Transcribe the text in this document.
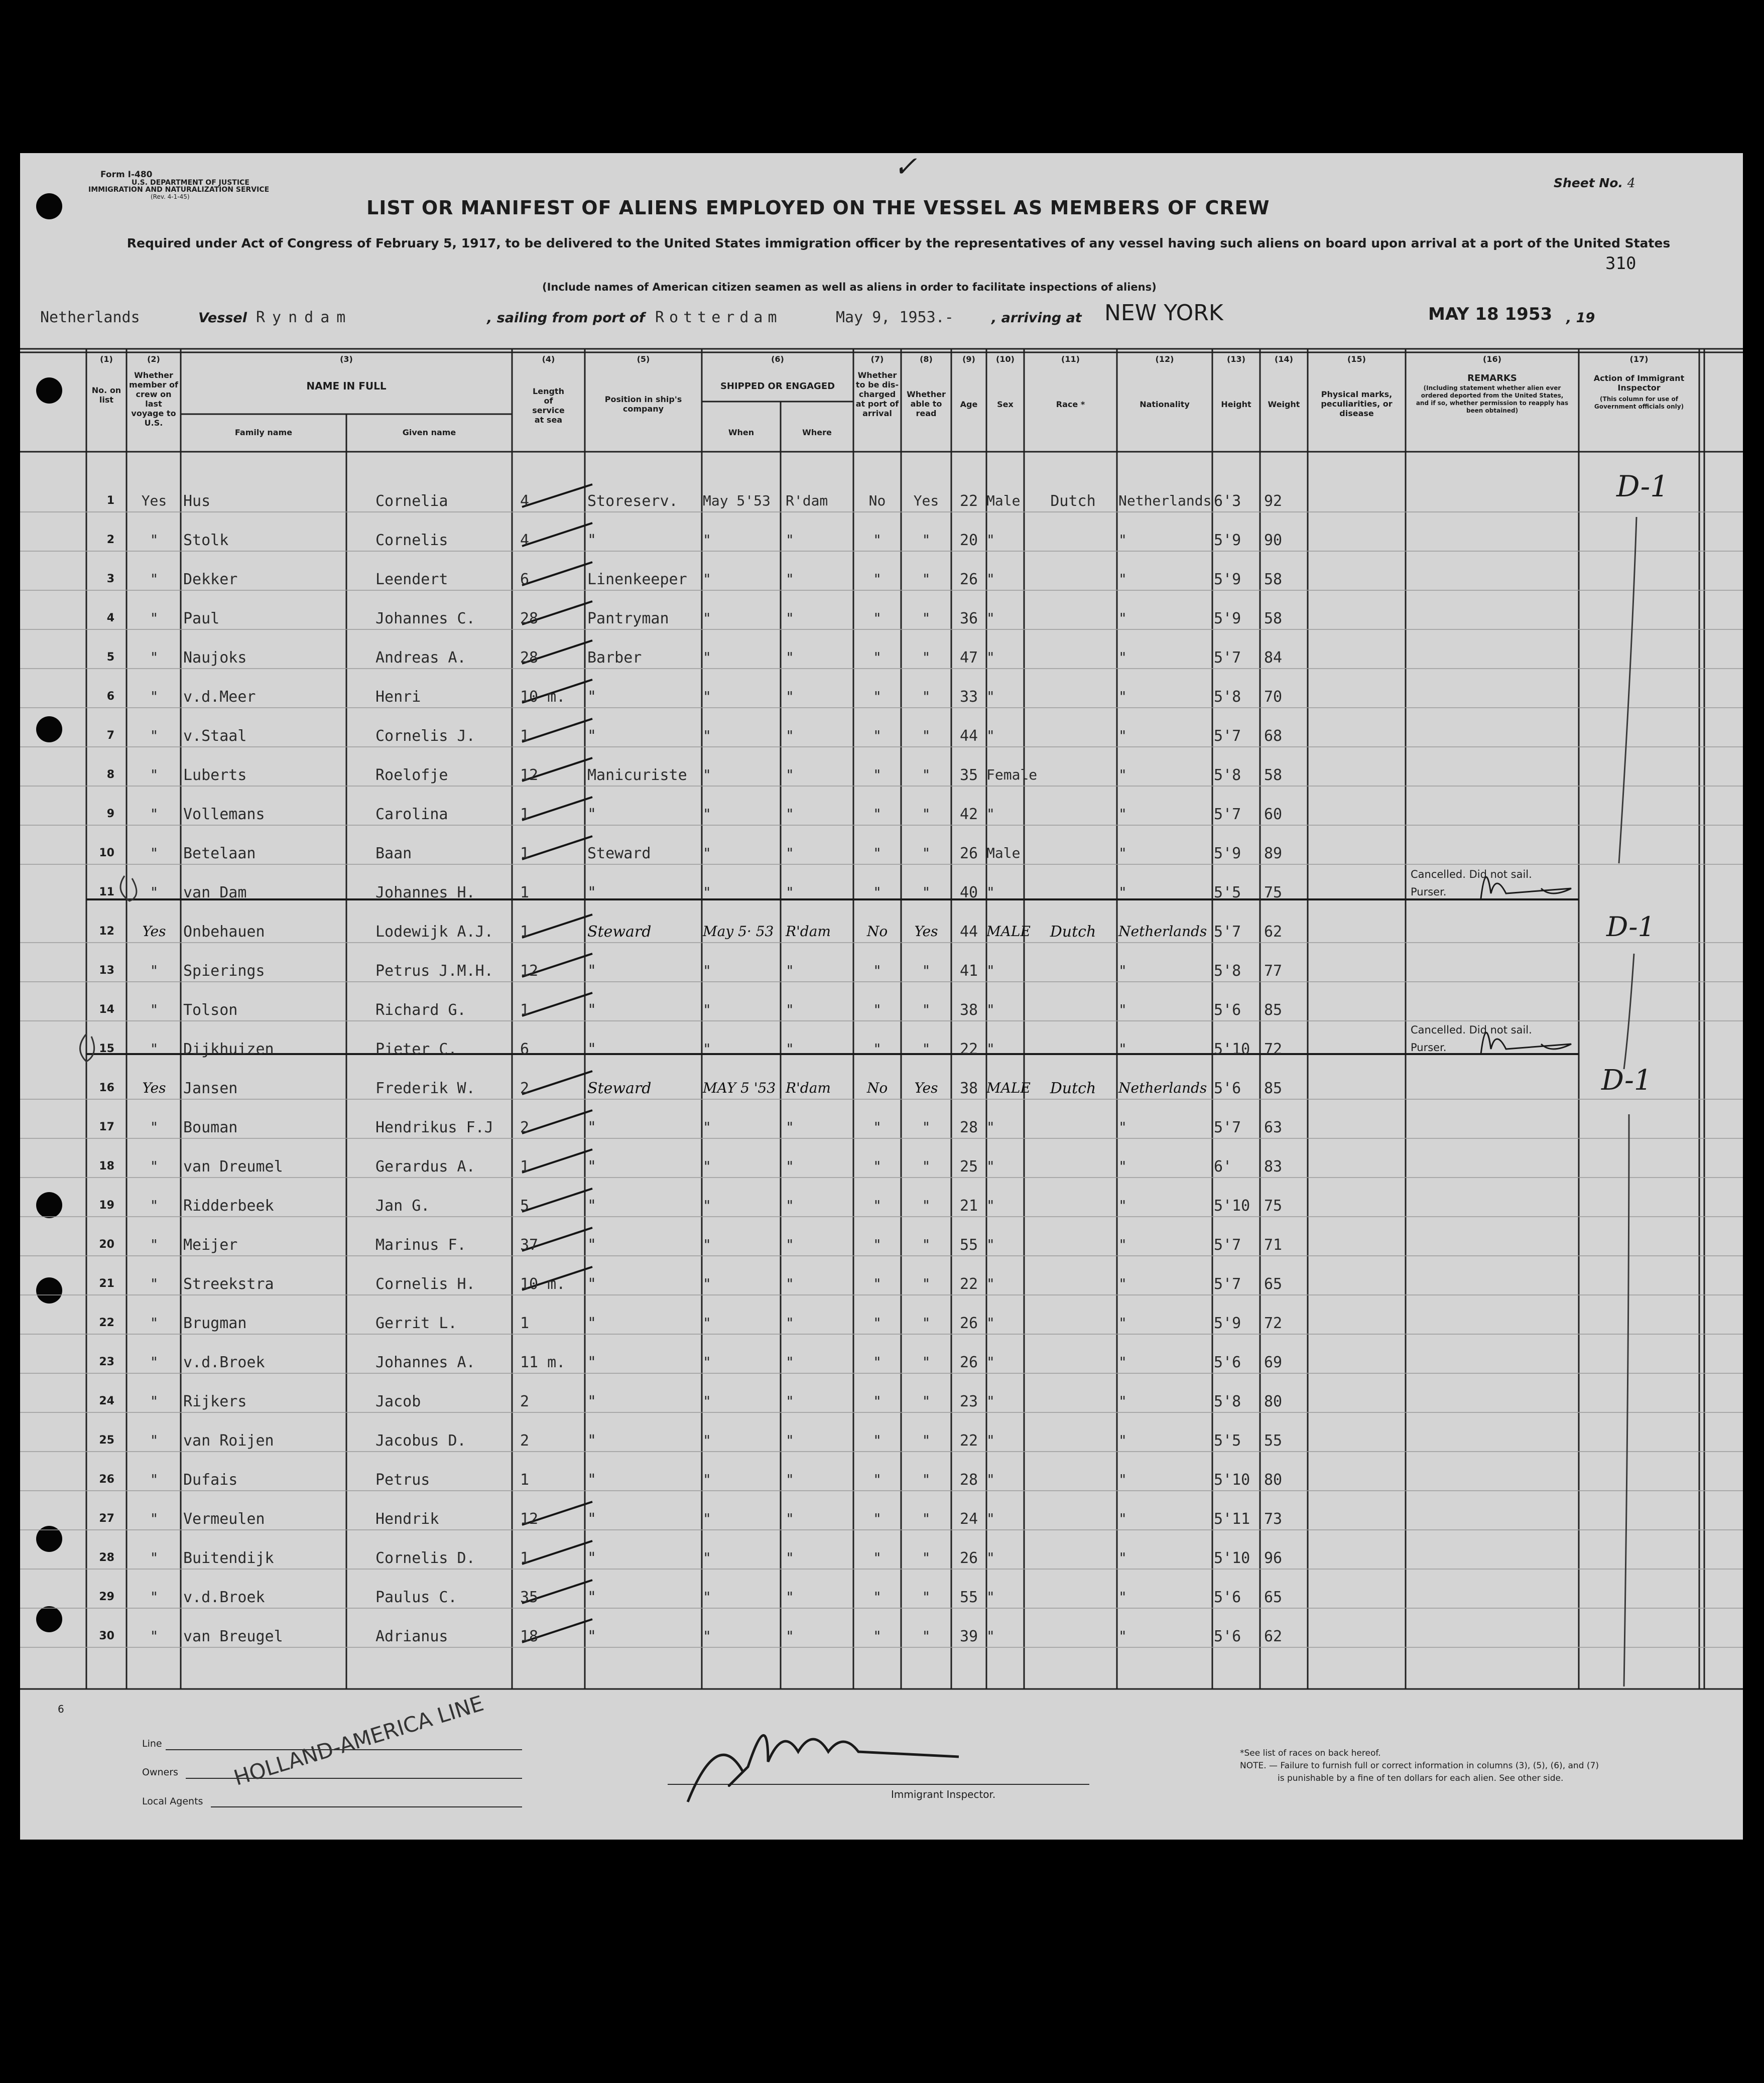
Form I-480
U.S. DEPARTMENT OF JUSTICE
IMMIGRATION AND NATURALIZATION SERVICE
(Rev. 4-1-45)
✓
LIST OR MANIFEST OF ALIENS EMPLOYED ON THE VESSEL AS MEMBERS OF CREW
Sheet No. 4
Required under Act of Congress of February 5, 1917, to be delivered to the United States immigration officer by the representatives of any vessel having such aliens on board upon arrival at a port of the United States
310
(Include names of American citizen seamen as well as aliens in order to facilitate inspections of aliens)
Netherlands	Vessel Ryndam	, sailing from port of Rotterdam	May 9, 1953.-	, arriving at NEW YORK	MAY 18 1953 , 19
(1)
No. on list
(2)
Whether member of crew on last voyage to U.S.
(3)
NAME IN FULL
Family name	Given name
(4)
Length of service at sea
(5)
Position in ship's company
(6)
SHIPPED OR ENGAGED
When	Where
(7)
Whether to be dis-charged at port of arrival
(8)
Whether able to read
(9)
Age
(10)
Sex
(11)
Race *
(12)
Nationality
(13)
Height
(14)
Weight
(15)
Physical marks, peculiarities, or disease
(16)
REMARKS
(Including statement whether alien ever ordered deported from the United States, and if so, whether permission to reapply has been obtained)
(17)
Action of Immigrant Inspector
(This column for use of Government officials only)
1	Yes	Hus	Cornelia	4	Storeserv.	May 5'53	R'dam	No	Yes	22 Male	Dutch	Netherlands 6'3	92
2	"	Stolk	Cornelis	4	"	"	"	"	"	20 "	"	5'9	90
3	"	Dekker	Leendert	6	Linenkeeper	"	"	"	"	26 "	"	5'9	58
4	"	Paul	Johannes C.	28	Pantryman	"	"	"	"	36 "	"	5'9	58
5	"	Naujoks	Andreas A.	28	Barber	"	"	"	"	47 "	"	5'7	84
6	"	v.d.Meer	Henri	10 m.	"	"	"	"	"	33 "	"	5'8	70
7	"	v.Staal	Cornelis J.	1	"	"	"	"	"	44 "	"	5'7	68
8	"	Luberts	Roelofje	12	Manicuriste	"	"	"	"	35 Female	"	5'8	58
9	"	Vollemans	Carolina	1	"	"	"	"	"	42 "	"	5'7	60
10	"	Betelaan	Baan	1	Steward	"	"	"	"	26 Male	"	5'9	89
11	"	van Dam	Johannes H.	1	"	"	"	"	"	40 "	"	5'5	75
12	Yes	Onbehauen	Lodewijk A.J.	1	Steward	May 5· 53 R'dam	No	Yes	44 MALE	Dutch	Netherlands 5'7	62
13	"	Spierings	Petrus J.M.H.	12	"	"	"	"	"	41 "	"	5'8	77
14	"	Tolson	Richard G.	1	"	"	"	"	"	38 "	"	5'6	85
15	"	Dijkhuizen	Pieter C.	6	"	"	"	"	"	22 "	"	5'10 72
16	Yes	Jansen	Frederik W.	2	Steward	MAY 5 '53 R'dam	No	Yes	38 MALE	Dutch	Netherlands 5'6	85
17	"	Bouman	Hendrikus F.J	2	"	"	"	"	"	28 "	"	5'7	63
18	"	van Dreumel	Gerardus A.	1	"	"	"	"	"	25 "	"	6'	83
19	"	Ridderbeek	Jan G.	5	"	"	"	"	"	21 "	"	5'10 75
20	"	Meijer	Marinus F.	37	"	"	"	"	"	55 "	"	5'7	71
21	"	Streekstra	Cornelis H.	10 m.	"	"	"	"	"	22 "	"	5'7	65
22	"	Brugman	Gerrit L.	1	"	"	"	"	"	26 "	"	5'9	72
23	"	v.d.Broek	Johannes A.	11 m.	"	"	"	"	"	26 "	"	5'6	69
24	"	Rijkers	Jacob	2	"	"	"	"	"	23 "	"	5'8	80
25	"	van Roijen	Jacobus D.	2	"	"	"	"	"	22 "	"	5'5	55
26	"	Dufais	Petrus	1	"	"	"	"	"	28 "	"	5'10 80
27	"	Vermeulen	Hendrik	12	"	"	"	"	"	24 "	"	5'11 73
28	"	Buitendijk	Cornelis D.	1	"	"	"	"	"	26 "	"	5'10 96
29	"	v.d.Broek	Paulus C.	35	"	"	"	"	"	55 "	"	5'6	65
30	"	van Breugel	Adrianus	18	"	"	"	"	"	39 "	"	5'6	62
Cancelled. Did not sail.
Purser.
Cancelled. Did not sail.
Purser.
D-1
D-1
D-1
6
Line
Owners
Local Agents
HOLLAND-AMERICA LINE
Immigrant Inspector.
*See list of races on back hereof.
NOTE. — Failure to furnish full or correct information in columns (3), (5), (6), and (7)
is punishable by a fine of ten dollars for each alien. See other side.
